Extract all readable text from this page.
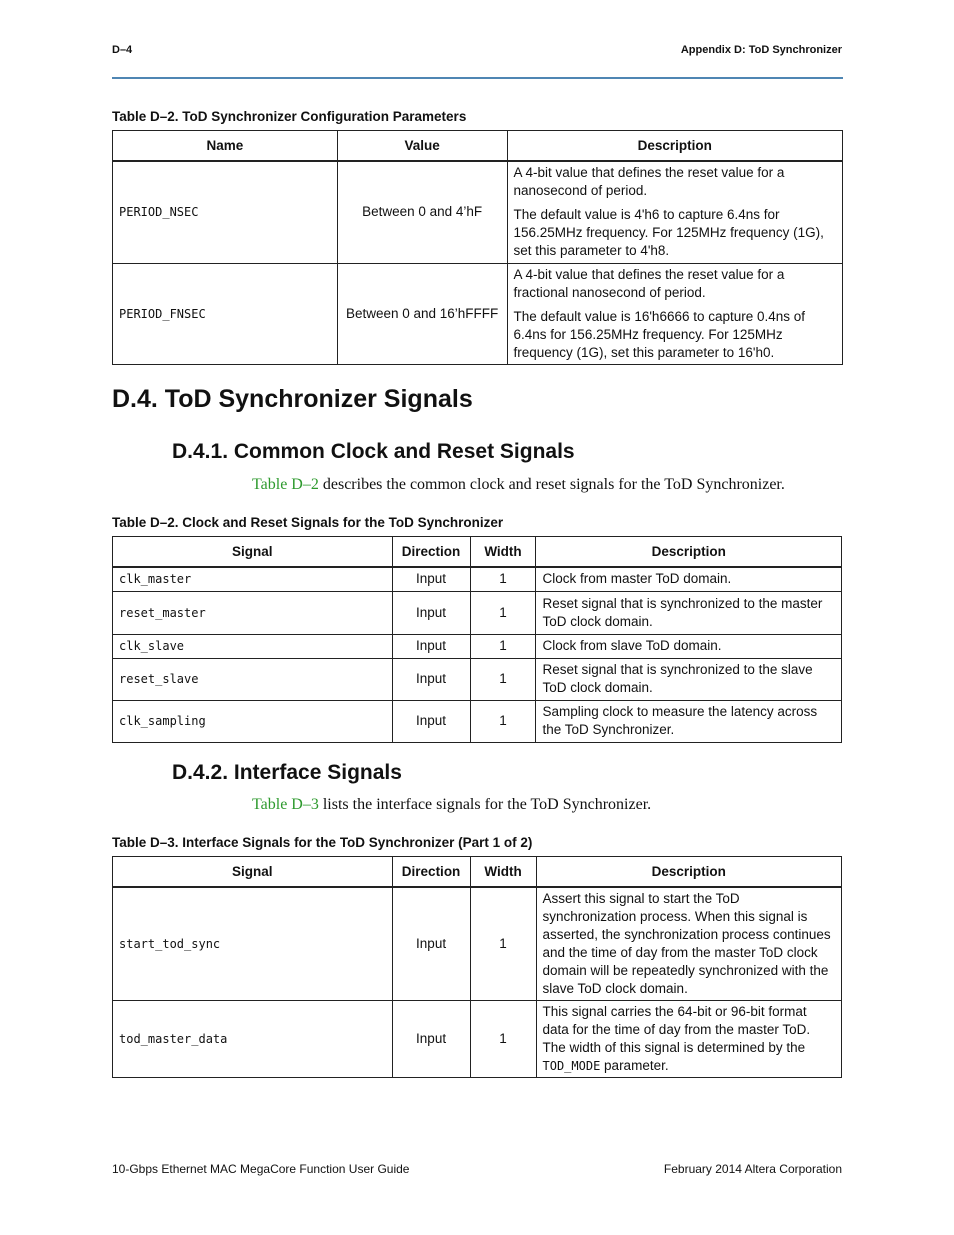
D–4	Appendix D: ToD Synchronizer
Table D–2. ToD Synchronizer Configuration Parameters
Name	Value	Description
PERIOD_NSEC	Between 0 and 4’hF	A 4-bit value that defines the reset value for a nanosecond of period.

The default value is 4'h6 to capture 6.4ns for 156.25MHz frequency. For 125MHz frequency (1G), set this parameter to 4'h8.

PERIOD_FNSEC	Between 0 and 16’hFFFF	A 4-bit value that defines the reset value for a fractional nanosecond of period.

The default value is 16'h6666 to capture 0.4ns of 6.4ns for 156.25MHz frequency. For 125MHz frequency (1G), set this parameter to 16'h0.

D.4. ToD Synchronizer Signals
D.4.1. Common Clock and Reset Signals
Table D–2 describes the common clock and reset signals for the ToD Synchronizer.
Table D–2. Clock and Reset Signals for the ToD Synchronizer
Signal	Direction	Width	Description
clk_master	Input	1	Clock from master ToD domain.
reset_master	Input	1	Reset signal that is synchronized to the master ToD clock domain.
clk_slave	Input	1	Clock from slave ToD domain.
reset_slave	Input	1	Reset signal that is synchronized to the slave ToD clock domain.
clk_sampling	Input	1	Sampling clock to measure the latency across the ToD Synchronizer.
D.4.2. Interface Signals
Table D–3 lists the interface signals for the ToD Synchronizer.
Table D–3. Interface Signals for the ToD Synchronizer (Part 1 of 2)
Signal	Direction	Width	Description
start_tod_sync	Input	1	Assert this signal to start the ToD synchronization process. When this signal is asserted, the synchronization process continues and the time of day from the master ToD clock domain will be repeatedly synchronized with the slave ToD clock domain.
tod_master_data	Input	1	This signal carries the 64-bit or 96-bit format data for the time of day from the master ToD. The width of this signal is determined by the TOD_MODE parameter.
10-Gbps Ethernet MAC MegaCore Function User Guide	February 2014 Altera Corporation
